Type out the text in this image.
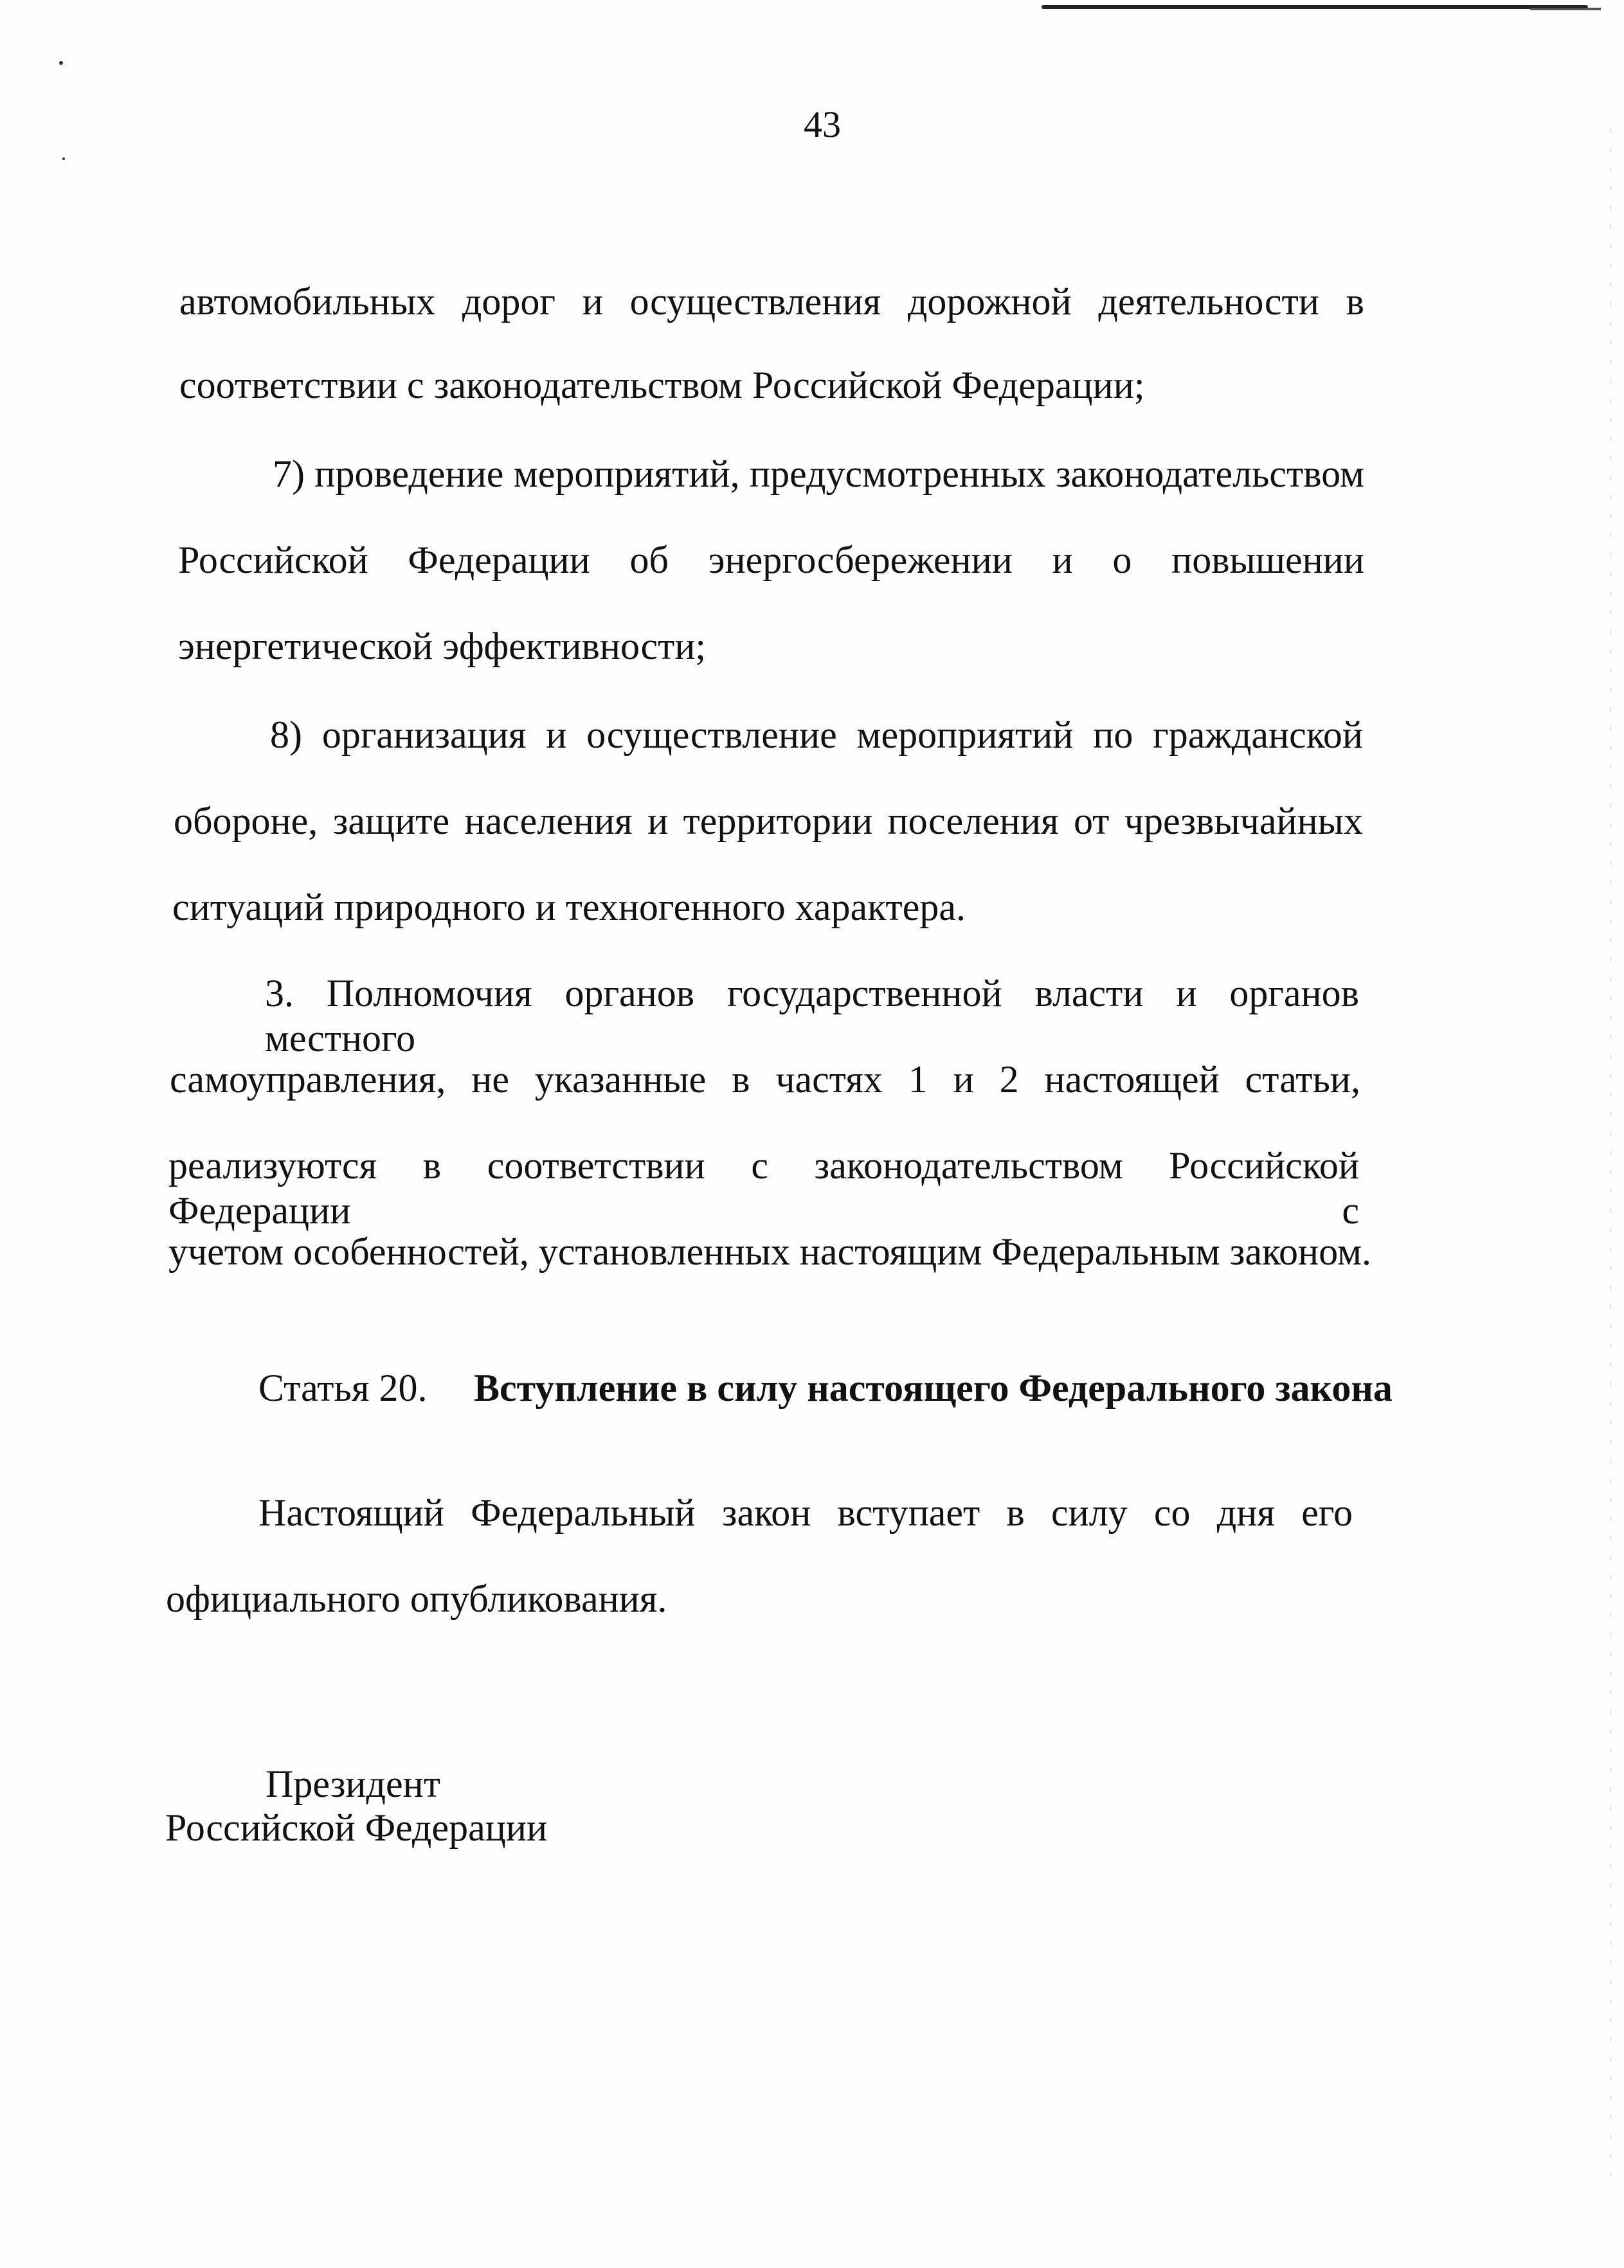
43
автомобильных дорог и осуществления дорожной деятельности в
соответствии с законодательством Российской Федерации;
7) проведение мероприятий, предусмотренных законодательством
Российской Федерации об энергосбережении и о повышении
энергетической эффективности;
8) организация и осуществление мероприятий по гражданской
обороне, защите населения и территории поселения от чрезвычайных
ситуаций природного и техногенного характера.
3. Полномочия органов государственной власти и органов местного
самоуправления, не указанные в частях 1 и 2 настоящей статьи,
реализуются в соответствии с законодательством Российской Федерации с
учетом особенностей, установленных настоящим Федеральным законом.
Статья 20. Вступление в силу настоящего Федерального закона
Настоящий Федеральный закон вступает в силу со дня его
официального опубликования.
Президент
Российской Федерации
